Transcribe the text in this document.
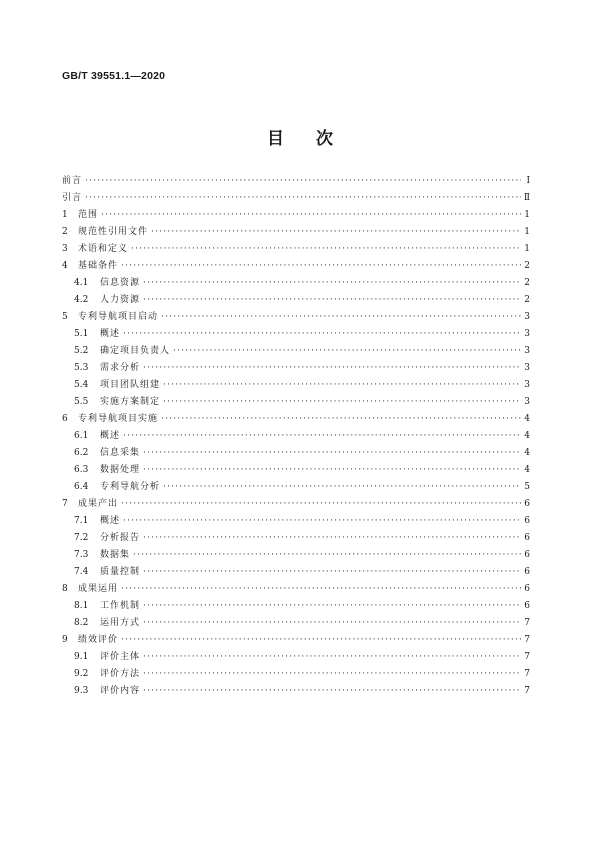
GB/T 39551.1—2020
目 次
前言 ·····	Ⅰ
引言 ·····	Ⅱ
1	范围 ·····	1
2	规范性引用文件 ·····	1
3	术语和定义 ·····	1
4	基础条件 ·····	2
4.1	信息资源 ·····	2
4.2	人力资源 ·····	2
5	专利导航项目启动 ·····	3
5.1	概述 ·····	3
5.2	确定项目负责人 ·····	3
5.3	需求分析 ·····	3
5.4	项目团队组建 ·····	3
5.5	实施方案制定 ·····	3
6	专利导航项目实施 ·····	4
6.1	概述 ·····	4
6.2	信息采集 ·····	4
6.3	数据处理 ·····	4
6.4	专利导航分析 ·····	5
7	成果产出 ·····	6
7.1	概述 ·····	6
7.2	分析报告 ·····	6
7.3	数据集 ·····	6
7.4	质量控制 ·····	6
8	成果运用 ·····	6
8.1	工作机制 ·····	6
8.2	运用方式 ·····	7
9	绩效评价 ·····	7
9.1	评价主体 ·····	7
9.2	评价方法 ·····	7
9.3	评价内容 ·····	7
